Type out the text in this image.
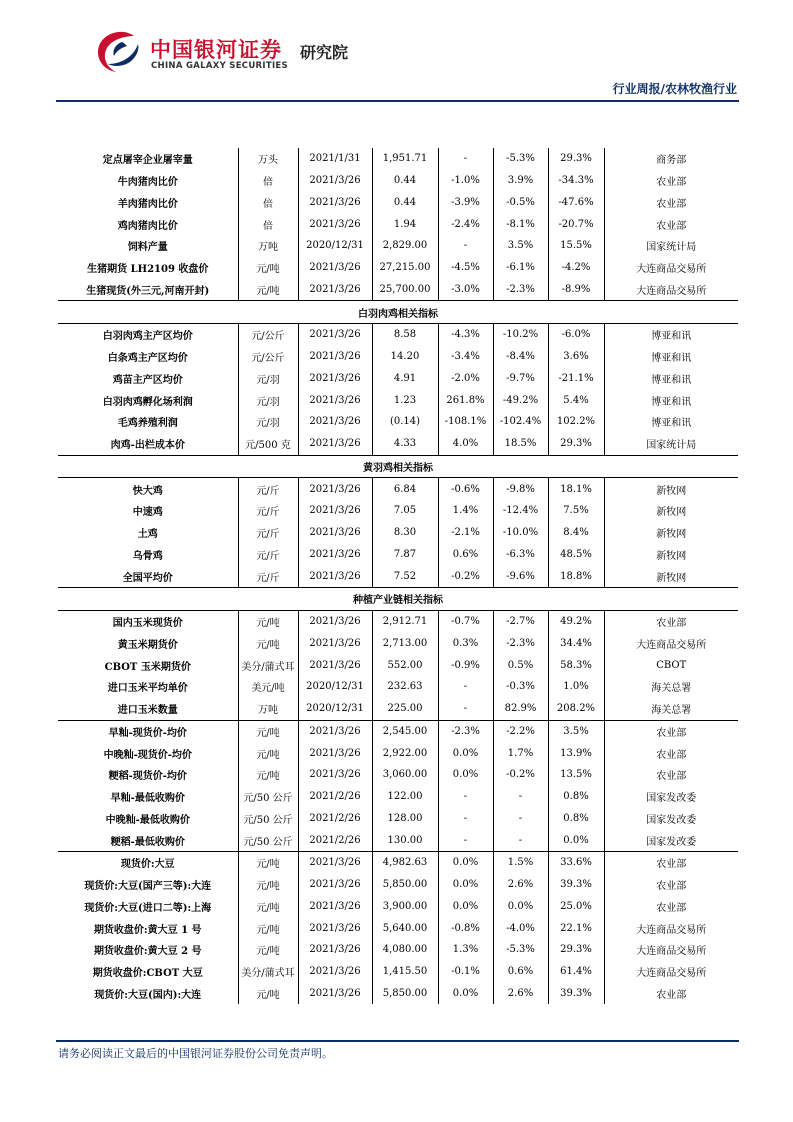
中国银河证券
CHINA GALAXY SECURITIES
研究院
行业周报/农林牧渔行业
定点屠宰企业屠宰量	万头	2021/1/31	1,951.71	-	-5.3%	29.3%	商务部
牛肉猪肉比价	倍	2021/3/26	0.44	-1.0%	3.9%	-34.3%	农业部
羊肉猪肉比价	倍	2021/3/26	0.44	-3.9%	-0.5%	-47.6%	农业部
鸡肉猪肉比价	倍	2021/3/26	1.94	-2.4%	-8.1%	-20.7%	农业部
饲料产量	万吨	2020/12/31	2,829.00	-	3.5%	15.5%	国家统计局
生猪期货 LH2109 收盘价	元/吨	2021/3/26	27,215.00	-4.5%	-6.1%	-4.2%	大连商品交易所
生猪现货(外三元,河南开封)	元/吨	2021/3/26	25,700.00	-3.0%	-2.3%	-8.9%	大连商品交易所
白羽肉鸡相关指标							
白羽肉鸡主产区均价	元/公斤	2021/3/26	8.58	-4.3%	-10.2%	-6.0%	博亚和讯
白条鸡主产区均价	元/公斤	2021/3/26	14.20	-3.4%	-8.4%	3.6%	博亚和讯
鸡苗主产区均价	元/羽	2021/3/26	4.91	-2.0%	-9.7%	-21.1%	博亚和讯
白羽肉鸡孵化场利润	元/羽	2021/3/26	1.23	261.8%	-49.2%	5.4%	博亚和讯
毛鸡养殖利润	元/羽	2021/3/26	(0.14)	-108.1%	-102.4%	102.2%	博亚和讯
肉鸡-出栏成本价	元/500 克	2021/3/26	4.33	4.0%	18.5%	29.3%	国家统计局
黄羽鸡相关指标							
快大鸡	元/斤	2021/3/26	6.84	-0.6%	-9.8%	18.1%	新牧网
中速鸡	元/斤	2021/3/26	7.05	1.4%	-12.4%	7.5%	新牧网
土鸡	元/斤	2021/3/26	8.30	-2.1%	-10.0%	8.4%	新牧网
乌骨鸡	元/斤	2021/3/26	7.87	0.6%	-6.3%	48.5%	新牧网
全国平均价	元/斤	2021/3/26	7.52	-0.2%	-9.6%	18.8%	新牧网
种植产业链相关指标							
国内玉米现货价	元/吨	2021/3/26	2,912.71	-0.7%	-2.7%	49.2%	农业部
黄玉米期货价	元/吨	2021/3/26	2,713.00	0.3%	-2.3%	34.4%	大连商品交易所
CBOT 玉米期货价	美分/蒲式耳	2021/3/26	552.00	-0.9%	0.5%	58.3%	CBOT
进口玉米平均单价	美元/吨	2020/12/31	232.63	-	-0.3%	1.0%	海关总署
进口玉米数量	万吨	2020/12/31	225.00	-	82.9%	208.2%	海关总署
早籼-现货价-均价	元/吨	2021/3/26	2,545.00	-2.3%	-2.2%	3.5%	农业部
中晚籼-现货价-均价	元/吨	2021/3/26	2,922.00	0.0%	1.7%	13.9%	农业部
粳稻-现货价-均价	元/吨	2021/3/26	3,060.00	0.0%	-0.2%	13.5%	农业部
早籼-最低收购价	元/50 公斤	2021/2/26	122.00	-	-	0.8%	国家发改委
中晚籼-最低收购价	元/50 公斤	2021/2/26	128.00	-	-	0.8%	国家发改委
粳稻-最低收购价	元/50 公斤	2021/2/26	130.00	-	-	0.0%	国家发改委
现货价:大豆	元/吨	2021/3/26	4,982.63	0.0%	1.5%	33.6%	农业部
现货价:大豆(国产三等):大连	元/吨	2021/3/26	5,850.00	0.0%	2.6%	39.3%	农业部
现货价:大豆(进口二等):上海	元/吨	2021/3/26	3,900.00	0.0%	0.0%	25.0%	农业部
期货收盘价:黄大豆 1 号	元/吨	2021/3/26	5,640.00	-0.8%	-4.0%	22.1%	大连商品交易所
期货收盘价:黄大豆 2 号	元/吨	2021/3/26	4,080.00	1.3%	-5.3%	29.3%	大连商品交易所
期货收盘价:CBOT 大豆	美分/蒲式耳	2021/3/26	1,415.50	-0.1%	0.6%	61.4%	大连商品交易所
现货价:大豆(国内):大连	元/吨	2021/3/26	5,850.00	0.0%	2.6%	39.3%	农业部
请务必阅读正文最后的中国银河证券股份公司免责声明。
